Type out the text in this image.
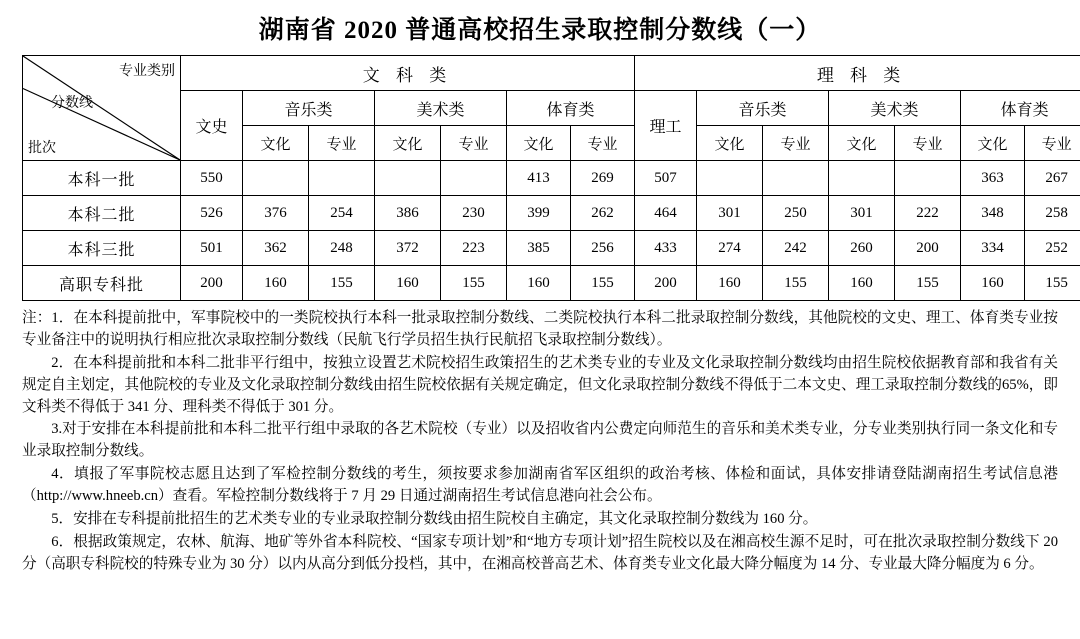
湖南省 2020 普通高校招生录取控制分数线（一）
专业类别
分数线
批次	文 科 类							理 科 类						
	文史	音乐类		美术类		体育类		理工	音乐类		美术类		体育类	
		文化	专业	文化	专业	文化	专业		文化	专业	文化	专业	文化	专业
本科一批	550					413	269	507					363	267
本科二批	526	376	254	386	230	399	262	464	301	250	301	222	348	258
本科三批	501	362	248	372	223	385	256	433	274	242	260	200	334	252
高职专科批	200	160	155	160	155	160	155	200	160	155	160	155	160	155

注：1．在本科提前批中，军事院校中的一类院校执行本科一批录取控制分数线、二类院校执行本科二批录取控制分数线，其他院校的文史、理工、体育类专业按专业备注中的说明执行相应批次录取控制分数线（民航飞行学员招生执行民航招飞录取控制分数线）。

2．在本科提前批和本科二批非平行组中，按独立设置艺术院校招生政策招生的艺术类专业的专业及文化录取控制分数线均由招生院校依据教育部和我省有关规定自主划定，其他院校的专业及文化录取控制分数线由招生院校依据有关规定确定，但文化录取控制分数线不得低于二本文史、理工录取控制分数线的65%，即文科类不得低于 341 分、理科类不得低于 301 分。

3.对于安排在本科提前批和本科二批平行组中录取的各艺术院校（专业）以及招收省内公费定向师范生的音乐和美术类专业，分专业类别执行同一条文化和专业录取控制分数线。

4．填报了军事院校志愿且达到了军检控制分数线的考生，须按要求参加湖南省军区组织的政治考核、体检和面试，具体安排请登陆湖南招生考试信息港（http://www.hneeb.cn）查看。军检控制分数线将于 7 月 29 日通过湖南招生考试信息港向社会公布。

5．安排在专科提前批招生的艺术类专业的专业录取控制分数线由招生院校自主确定，其文化录取控制分数线为 160 分。

6．根据政策规定，农林、航海、地矿等外省本科院校、“国家专项计划”和“地方专项计划”招生院校以及在湘高校生源不足时，可在批次录取控制分数线下 20 分（高职专科院校的特殊专业为 30 分）以内从高分到低分投档，其中，在湘高校普高艺术、体育类专业文化最大降分幅度为 14 分、专业最大降分幅度为 6 分。
